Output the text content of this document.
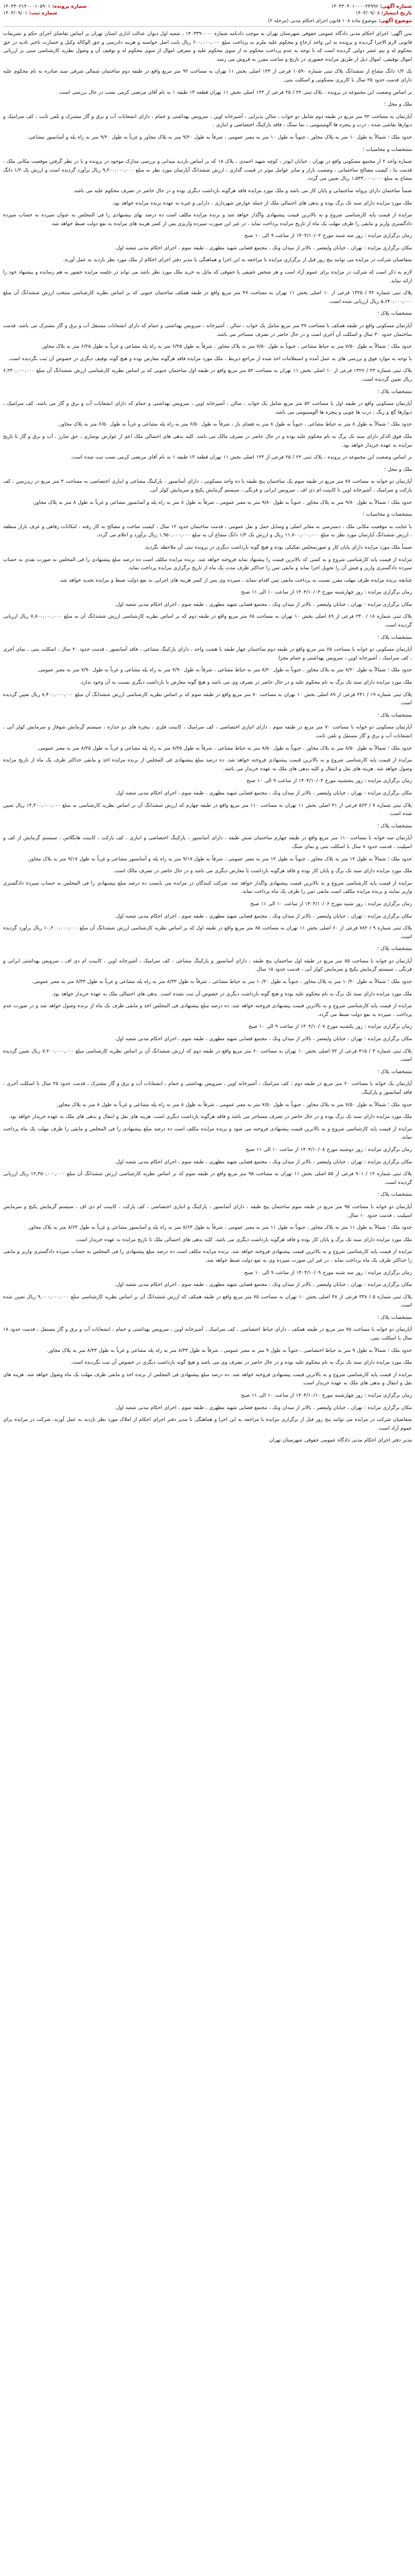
شماره آگهی: ۱۴۰۴۳۰۴۰۱۰۰۰۰۲۴۹۹۶
شماره پرونده: ۱۴۰۴۴۰۲۱۴۰۰۰۱۰۵۹۰۱
تاریخ انتشار: ۱۴۰۴/۰۹/۰۸
شماره ثبت: ۱۴۰۴/۰۹/۰۱
موضوع آگهی: موضوع ماده ۱۰۸ قانون اجرای احکام مدنی (مرحله ۲)

متن آگهی: اجرای احکام مدنی دادگاه عمومی حقوقی شهرستان تهران به موجب دادنامه شماره ۱۴۰۳۳۹۰۰۰۰ ، شعبه اول دیوان عدالت اداری استان تهران بر اساس تقاضای اجرای حکم و تشریفات قانونی لازم الاجرا گردیده و پرونده به این واحد ارجاع و محکوم علیه ملزم به پرداخت مبلغ ۶۰۰,۰۰۰,۰۰۰ ریال بابت اصل خواسته و هزینه دادرسی و حق الوکاله وکیل و خسارت تاخیر تادیه در حق محکوم له و نیم عشر دولتی گردیده است که با توجه به عدم پرداخت محکوم به از سوی محکوم علیه و معرفی اموال از سوی محکوم له و توقیف آن و وصول نظریه کارشناسی مبنی بر ارزیابی اموال توقیفی، اموال ذیل از طریق مزایده حضوری در تاریخ و ساعت مقرر به فروش می رسد.

یک ۱/۲ دانگ مشاع از ششدانگ پلاک ثبتی شماره ۱۰۵۹۰ فرعی از ۱۴۳ اصلی بخش ۱۱ تهران به مساحت ۹۲ متر مربع واقع در طبقه دوم ساختمان شمالی شرقی سند صادره به نام محکوم علیه دارای قدمت حدود ۲۵ سال با کاربری مسکونی و اسکلت بتنی.

بر اساس وضعیت این مجموعه در پرونده ، پلاک ثبتی ۲۲ / ۲۵ فرعی از ۱۲۳ اصلی بخش ۱۱ تهران قطعه ۱۳ طبقه ۱ به نام آقای مرتضی کرمی نسب در حال بررسی است.

ملک و محل ؛

آپارتمان به مساحت ۹۲ متر مربع در طبقه دوم شامل دو خواب ، سالن پذیرایی ، آشپزخانه اوپن ، سرویس بهداشتی و حمام ، دارای انشعابات آب و برق و گاز مشترک و تلفن ثابت ، کف سرامیک و دیوارها نقاشی شده ، درب و پنجره ها آلومینیومی ، نما سنگ ، فاقد پارکینگ اختصاصی و انباری .

حدود ملک ؛ شمالاً به طول ۱۰ متر به پلاک مجاور ، جنوباً به طول ۱۰ متر به معبر عمومی ، شرقاً به طول ۹/۲۰ متر به پلاک مجاور و غرباً به طول ۹/۲۰ متر به راه پله و آسانسور مشاعی.

مشخصات و محاسبات ؛

شماره واحد ۲ از مجتمع مسکونی واقع در تهران ، خیابان ابوذر ، کوچه شهید احمدی ، پلاک ۱۸ که بر اساس بازدید میدانی و بررسی مدارک موجود در پرونده و با در نظر گرفتن موقعیت مکانی ملک ، قدمت بنا ، کیفیت مصالح ساختمانی ، وضعیت بازار و سایر عوامل موثر در قیمت گذاری ، ارزش ششدانگ آپارتمان مورد نظر به مبلغ ۹,۲۰۰,۰۰۰,۰۰۰ ریال برآورد گردیده است و ارزش یک ۱/۲ دانگ مشاع به مبلغ ۱,۵۳۳,۰۰۰,۰۰۰ ریال تعیین می گردد.

ضمناً ساختمان دارای پروانه ساختمانی و پایان کار می باشد و ملک مورد مزایده فاقد هرگونه بازداشت دیگری بوده و در حال حاضر در تصرف محکوم علیه می باشد.

ملک مورد مزایده دارای سند تک برگ بوده و بدهی های احتمالی ملک از جمله عوارض شهرداری ، دارایی و غیره به عهده برنده مزایده خواهد بود.

مزایده از قیمت پایه کارشناسی شروع و به بالاترین قیمت پیشنهادی واگذار خواهد شد و برنده مزایده مکلف است ده درصد بهای پیشنهادی را فی المجلس به عنوان سپرده به حساب سپرده دادگستری واریز و مابقی را ظرف مهلت یک ماه از تاریخ مزایده پرداخت نماید ، در غیر این صورت سپرده واریزی پس از کسر هزینه های مزایده به نفع دولت ضبط خواهد شد.

زمان برگزاری مزایده : روز سه شنبه مورخ ۱۴۰۴/۱۰/۰۲ از ساعت ۹ الی ۱۰ صبح

مکان برگزاری مزایده : تهران ، خیابان ولیعصر ، بالاتر از میدان ونک ، مجتمع قضایی شهید مطهری ، طبقه سوم ، اجرای احکام مدنی شعبه اول.

متقاضیان شرکت در مزایده می توانند پنج روز قبل از برگزاری مزایده با مراجعه به این اجرا و هماهنگی با مدیر دفتر اجرای احکام از ملک مورد نظر بازدید به عمل آورند.

لازم به ذکر است که شرکت در مزایده برای عموم آزاد است و هر شخص حقیقی یا حقوقی که مایل به خرید ملک مورد نظر باشد می تواند در جلسه مزایده حضور به هم رسانده و پیشنهاد خود را ارائه نماید.

پلاک ثبتی شماره ۴۲ / ۱۳۲۵ فرعی از ۱۰ اصلی بخش ۱۱ تهران به مساحت ۴۷ متر مربع واقع در طبقه همکف ساختمان جنوبی که بر اساس نظریه کارشناسی منتخب ارزش ششدانگ آن مبلغ ۵,۶۴۰,۰۰۰,۰۰۰ ریال ارزیابی شده است.

مشخصات پلاک ؛

آپارتمان مسکونی واقع در طبقه همکف با مساحت ۴۷ متر مربع شامل یک خواب ، سالن ، آشپزخانه ، سرویس بهداشتی و حمام که دارای انشعابات مستقل آب و برق و گاز مشترک می باشد. قدمت ساختمان حدود ۳۰ سال و اسکلت آن آجری است و در حال حاضر در تصرف مستاجر می باشد.

حدود ملک ؛ شمالاً به طول ۷/۵۰ متر به حیاط مشاعی ، جنوباً به طول ۷/۵۰ متر به پلاک مجاور ، شرقاً به طول ۶/۲۵ متر به راه پله مشاعی و غرباً به طول ۶/۲۵ متر به پلاک مجاور.

با توجه به موارد فوق و بررسی های به عمل آمده و استعلامات اخذ شده از مراجع ذیربط ، ملک مورد مزایده فاقد هرگونه معارض بوده و هیچ گونه توقیف دیگری در خصوص آن ثبت نگردیده است.

پلاک ثبتی شماره ۴۳ / ۱۳۲۶ فرعی از ۱۰ اصلی بخش ۱۱ تهران به مساحت ۵۲ متر مربع واقع در طبقه اول ساختمان جنوبی که بر اساس نظریه کارشناسی ارزش ششدانگ آن مبلغ ۶,۲۴۰,۰۰۰,۰۰۰ ریال تعیین گردیده است.

مشخصات پلاک ؛

آپارتمان مسکونی واقع در طبقه اول با مساحت ۵۲ متر مربع شامل یک خواب ، سالن ، آشپزخانه اوپن ، سرویس بهداشتی و حمام که دارای انشعابات آب و برق و گاز می باشد. کف سرامیک ، دیوارها گچ و رنگ ، درب ها چوبی و پنجره ها آلومینیومی می باشد.

حدود ملک ؛ شمالاً به طول ۸ متر به حیاط مشاعی ، جنوباً به طول ۸ متر به فضای باز ، شرقاً به طول ۶/۵۰ متر به راه پله مشاعی و غرباً به طول ۶/۵۰ متر به پلاک مجاور.

ملک فوق الذکر دارای سند تک برگ به نام محکوم علیه بوده و در حال حاضر در تصرف مالک می باشد. کلیه بدهی های احتمالی ملک اعم از عوارض نوسازی ، حق شارژ ، آب و برق و گاز تا تاریخ مزایده به عهده خریدار خواهد بود.

بر اساس وضعیت این مجموعه در پرونده ، پلاک ثبتی ۲۲ / ۲۵ فرعی از ۱۲۳ اصلی بخش ۱۱ تهران قطعه ۱۳ طبقه ۱ به نام آقای مرتضی کرمی نسب ثبت شده است.

ملک و محل ؛

آپارتمان دو خوابه به مساحت ۷۸ متر مربع در طبقه سوم یک ساختمان پنج طبقه با ده واحد مسکونی ، دارای آسانسور ، پارکینگ مشاعی و انباری اختصاصی به مساحت ۴ متر مربع در زیرزمین ، کف پارکت و سرامیک ، آشپزخانه اوپن با کابینت ام دی اف ، سرویس ایرانی و فرنگی ، سیستم گرمایش پکیج و سرمایش کولر آبی.

حدود ملک ؛ شمالاً به طول ۹/۸۰ متر به پلاک مجاور ، جنوباً به طول ۹/۸۰ متر به معبر عمومی ، شرقاً به طول ۸ متر به راه پله و آسانسور مشاعی و غرباً به طول ۸ متر به پلاک مجاور.

مشخصات و محاسبات ؛

با عنایت به موقعیت مکانی ملک ، دسترسی به معابر اصلی و وسایل حمل و نقل عمومی ، قدمت ساختمان حدود ۱۲ سال ، کیفیت ساخت و مصالح به کار رفته ، امکانات رفاهی و عرف بازار منطقه ، ارزش ششدانگ آپارتمان مورد نظر به مبلغ ۱۱,۷۰۰,۰۰۰,۰۰۰ ریال و ارزش یک ۱/۲ دانگ مشاع آن به مبلغ ۱,۹۵۰,۰۰۰,۰۰۰ ریال برآورد و اعلام می گردد.

ضمناً ملک مورد مزایده دارای پایان کار و صورتمجلس تفکیکی بوده و هیچ گونه بازداشت دیگری در پرونده ثبتی آن ملاحظه نگردید.

مزایده از قیمت پایه کارشناسی شروع و به کسی که بالاترین قیمت را پیشنهاد نماید فروخته خواهد شد. برنده مزایده مکلف است ده درصد مبلغ پیشنهادی را فی المجلس به صورت نقدی به حساب سپرده دادگستری واریز و فیش آن را تحویل اجرا نماید و مابقی ثمن را حداکثر ظرف مدت یک ماه از تاریخ برگزاری مزایده پرداخت نماید.

چنانچه برنده مزایده ظرف مهلت مقرر نسبت به پرداخت مابقی ثمن اقدام ننماید ، سپرده وی پس از کسر هزینه های اجرایی به نفع دولت ضبط و مزایده تجدید خواهد شد.

زمان برگزاری مزایده : روز چهارشنبه مورخ ۱۴۰۴/۱۰/۰۳ از ساعت ۱۰ الی ۱۱ صبح

مکان برگزاری مزایده : تهران ، خیابان ولیعصر ، بالاتر از میدان ونک ، مجتمع قضایی شهید مطهری ، طبقه سوم ، اجرای احکام مدنی شعبه اول.

پلاک ثبتی شماره ۱۸ / ۲۴۰ فرعی از ۸۹ اصلی بخش ۱۰ تهران به مساحت ۶۵ متر مربع واقع در طبقه دوم که بر اساس نظریه کارشناسی ارزش ششدانگ آن به مبلغ ۷,۸۰۰,۰۰۰,۰۰۰ ریال ارزیابی گردیده است.

مشخصات پلاک ؛

آپارتمان مسکونی دو خوابه با مساحت ۶۵ متر مربع واقع در طبقه دوم ساختمان چهار طبقه با هشت واحد ، دارای پارکینگ مشاعی ، فاقد آسانسور ، قدمت حدود ۲۰ سال ، اسکلت بتنی ، نمای آجری ، کف سرامیک ، آشپزخانه اوپن ، سرویس بهداشتی و حمام مجزا.

حدود ملک ؛ شمالاً به طول ۸/۲۰ متر به پلاک مجاور ، جنوباً به طول ۸/۲۰ متر به حیاط مشاعی ، شرقاً به طول ۷/۹۰ متر به راه پله مشاعی و غرباً به طول ۷/۹۰ متر به معبر عمومی.

ملک مورد مزایده دارای سند تک برگ به نام محکوم علیه و در حال حاضر در تصرف وی می باشد و هیچ گونه معارض یا بازداشت دیگری نسبت به آن وجود ندارد.

پلاک ثبتی شماره ۱۹ / ۲۴۱ فرعی از ۸۹ اصلی بخش ۱۰ تهران به مساحت ۷۰ متر مربع واقع در طبقه سوم که بر اساس نظریه کارشناسی ارزش ششدانگ آن مبلغ ۸,۴۰۰,۰۰۰,۰۰۰ ریال تعیین گردیده است.

مشخصات پلاک ؛

آپارتمان مسکونی دو خوابه با مساحت ۷۰ متر مربع در طبقه سوم ، دارای انباری اختصاصی ، کف سرامیک ، کابینت فلزی ، پنجره های دو جداره ، سیستم گرمایش شوفاژ و سرمایش کولر آبی ، انشعابات آب و برق و گاز مستقل و تلفن ثابت.

حدود ملک ؛ شمالاً به طول ۸/۵۰ متر به پلاک مجاور ، جنوباً به طول ۸/۵۰ متر به حیاط مشاعی ، شرقاً به طول ۸/۲۵ متر به راه پله مشاعی و غرباً به طول ۸/۲۵ متر به معبر عمومی.

مزایده از قیمت پایه کارشناسی شروع و به بالاترین قیمت پیشنهادی فروخته خواهد شد. ده درصد مبلغ پیشنهادی فی المجلس از برنده مزایده اخذ و مابقی حداکثر ظرف یک ماه از تاریخ مزایده وصول خواهد شد. هزینه های نقل و انتقال و کلیه بدهی های ملک به عهده خریدار می باشد.

زمان برگزاری مزایده : روز پنجشنبه مورخ ۱۴۰۴/۱۰/۰۴ از ساعت ۹ الی ۱۰ صبح

مکان برگزاری مزایده : تهران ، خیابان ولیعصر ، بالاتر از میدان ونک ، مجتمع قضایی شهید مطهری ، طبقه سوم ، اجرای احکام مدنی شعبه اول.

پلاک ثبتی شماره ۷ / ۵۶۳ فرعی از ۴۱ اصلی بخش ۱۱ تهران به مساحت ۱۱۰ متر مربع واقع در طبقه چهارم که ارزش ششدانگ آن بر اساس نظریه کارشناسی به مبلغ ۱۴,۳۰۰,۰۰۰,۰۰۰ ریال تعیین شده است.

مشخصات پلاک ؛

آپارتمان سه خوابه با مساحت ۱۱۰ متر مربع واقع در طبقه چهارم ساختمان شش طبقه ، دارای آسانسور ، پارکینگ اختصاصی و انباری ، کف پارکت ، کابینت هایگلاس ، سیستم گرمایش از کف و اسپلیت ، قدمت حدود ۸ سال با اسکلت بتنی و نمای سنگ.

حدود ملک ؛ شمالاً به طول ۱۲ متر به پلاک مجاور ، جنوباً به طول ۱۲ متر به معبر عمومی ، شرقاً به طول ۹/۱۷ متر به راه پله و آسانسور مشاعی و غرباً به طول ۹/۱۷ متر به پلاک مجاور.

ملک مورد مزایده دارای سند تک برگ و پایان کار بوده و فاقد هرگونه بازداشت یا معارض دیگری می باشد و در حال حاضر در تصرف مالک است.

مزایده از قیمت پایه کارشناسی شروع و به بالاترین قیمت پیشنهادی واگذار خواهد شد. شرکت کنندگان در مزایده می بایست ده درصد مبلغ پیشنهادی را فی المجلس به حساب سپرده دادگستری واریز نمایند و برنده مزایده مکلف است مابقی ثمن را ظرف یک ماه پرداخت نماید.

زمان برگزاری مزایده : روز شنبه مورخ ۱۴۰۴/۱۰/۰۶ از ساعت ۱۰ الی ۱۱ صبح

مکان برگزاری مزایده : تهران ، خیابان ولیعصر ، بالاتر از میدان ونک ، مجتمع قضایی شهید مطهری ، طبقه سوم ، اجرای احکام مدنی شعبه اول.

پلاک ثبتی شماره ۹ / ۷۸۲ فرعی از ۶۰ اصلی بخش ۱۱ تهران به مساحت ۸۵ متر مربع واقع در طبقه اول که بر اساس نظریه کارشناسی ارزش ششدانگ آن مبلغ ۱۰,۲۰۰,۰۰۰,۰۰۰ ریال برآورد گردیده است.

مشخصات پلاک ؛

آپارتمان دو خوابه با مساحت ۸۵ متر مربع در طبقه اول ساختمان پنج طبقه ، دارای آسانسور و پارکینگ مشاعی ، کف سرامیک ، آشپزخانه اوپن ، کابینت ام دی اف ، سرویس بهداشتی ایرانی و فرنگی ، سیستم گرمایش پکیج و سرمایش کولر آبی ، قدمت حدود ۱۵ سال.

حدود ملک ؛ شمالاً به طول ۱۰/۲۰ متر به پلاک مجاور ، جنوباً به طول ۱۰/۲۰ متر به حیاط مشاعی ، شرقاً به طول ۸/۳۳ متر به راه پله مشاعی و غرباً به طول ۸/۳۳ متر به معبر عمومی.

ملک مورد مزایده دارای سند تک برگ به نام محکوم علیه بوده و هیچ گونه بازداشت دیگری در خصوص آن ثبت نشده است. بدهی های احتمالی ملک به عهده خریدار خواهد بود.

مزایده از قیمت پایه کارشناسی شروع و به بالاترین قیمت پیشنهادی فروخته خواهد شد. ده درصد مبلغ پیشنهادی فی المجلس اخذ و مابقی ظرف یک ماه از برنده وصول خواهد شد و در صورت عدم پرداخت ، سپرده به نفع دولت ضبط می گردد.

زمان برگزاری مزایده : روز یکشنبه مورخ ۱۴۰۴/۱۰/۰۷ از ساعت ۹ الی ۱۰ صبح

مکان برگزاری مزایده : تهران ، خیابان ولیعصر ، بالاتر از میدان ونک ، مجتمع قضایی شهید مطهری ، طبقه سوم ، اجرای احکام مدنی شعبه اول.

پلاک ثبتی شماره ۳ / ۴۱۵ فرعی از ۷۲ اصلی بخش ۱۰ تهران به مساحت ۶۰ متر مربع واقع در طبقه دوم که ارزش ششدانگ آن بر اساس نظریه کارشناسی مبلغ ۷,۲۰۰,۰۰۰,۰۰۰ ریال تعیین گردیده است.

مشخصات پلاک ؛

آپارتمان یک خوابه با مساحت ۶۰ متر مربع در طبقه دوم ، کف سرامیک ، آشپزخانه اوپن ، سرویس بهداشتی و حمام ، انشعابات آب و برق و گاز مشترک ، قدمت حدود ۲۵ سال با اسکلت آجری ، فاقد آسانسور و پارکینگ.

حدود ملک ؛ شمالاً به طول ۷/۵۰ متر به پلاک مجاور ، جنوباً به طول ۷/۵۰ متر به معبر عمومی ، شرقاً به طول ۸ متر به راه پله مشاعی و غرباً به طول ۸ متر به پلاک مجاور.

ملک مورد مزایده دارای سند تک برگ بوده و در حال حاضر در تصرف مستاجر می باشد و فاقد هرگونه بازداشت دیگری است. هزینه های نقل و انتقال و بدهی های ملک به عهده خریدار خواهد بود.

مزایده از قیمت پایه کارشناسی شروع و به بالاترین قیمت پیشنهادی فروخته می شود و برنده مزایده مکلف است ده درصد مبلغ پیشنهادی را فی المجلس و مابقی را ظرف مهلت یک ماه پرداخت نماید.

زمان برگزاری مزایده : روز دوشنبه مورخ ۱۴۰۴/۱۰/۰۸ از ساعت ۱۰ الی ۱۱ صبح

مکان برگزاری مزایده : تهران ، خیابان ولیعصر ، بالاتر از میدان ونک ، مجتمع قضایی شهید مطهری ، طبقه سوم ، اجرای احکام مدنی شعبه اول.

پلاک ثبتی شماره ۱۲ / ۹۰۱ فرعی از ۵۵ اصلی بخش ۱۱ تهران به مساحت ۹۵ متر مربع واقع در طبقه سوم که بر اساس نظریه کارشناسی ارزش ششدانگ آن مبلغ ۱۲,۳۵۰,۰۰۰,۰۰۰ ریال ارزیابی گردیده است.

مشخصات پلاک ؛

آپارتمان دو خوابه با مساحت ۹۵ متر مربع در طبقه سوم ساختمان پنج طبقه ، دارای آسانسور ، پارکینگ و انباری اختصاصی ، کف پارکت ، کابینت ام دی اف ، سیستم گرمایش پکیج و سرمایش اسپلیت ، قدمت حدود ۱۰ سال.

حدود ملک ؛ شمالاً به طول ۱۱ متر به پلاک مجاور ، جنوباً به طول ۱۱ متر به معبر عمومی ، شرقاً به طول ۸/۶۳ متر به راه پله و آسانسور مشاعی و غرباً به طول ۸/۶۳ متر به پلاک مجاور.

ملک مورد مزایده دارای سند تک برگ و پایان کار بوده و فاقد هرگونه بازداشت دیگری می باشد. کلیه بدهی های احتمالی ملک تا تاریخ مزایده به عهده خریدار است.

مزایده از قیمت پایه کارشناسی شروع و به بالاترین قیمت پیشنهادی فروخته خواهد شد. برنده مزایده مکلف است ده درصد مبلغ پیشنهادی را فی المجلس به حساب سپرده دادگستری واریز و مابقی را حداکثر ظرف یک ماه پرداخت نماید ، در غیر این صورت سپرده وی به نفع دولت ضبط خواهد شد.

زمان برگزاری مزایده : روز سه شنبه مورخ ۱۴۰۴/۱۰/۰۹ از ساعت ۹ الی ۱۰ صبح

مکان برگزاری مزایده : تهران ، خیابان ولیعصر ، بالاتر از میدان ونک ، مجتمع قضایی شهید مطهری ، طبقه سوم ، اجرای احکام مدنی شعبه اول.

پلاک ثبتی شماره ۵ / ۳۳۸ فرعی از ۴۸ اصلی بخش ۱۰ تهران به مساحت ۷۵ متر مربع واقع در طبقه همکف که ارزش ششدانگ آن بر اساس نظریه کارشناسی مبلغ ۹,۰۰۰,۰۰۰,۰۰۰ ریال تعیین شده است.

مشخصات پلاک ؛

آپارتمان دو خوابه با مساحت ۷۵ متر مربع در طبقه همکف ، دارای حیاط اختصاصی ، کف سرامیک ، آشپزخانه اوپن ، سرویس بهداشتی و حمام ، انشعابات آب و برق و گاز مستقل ، قدمت حدود ۱۸ سال با اسکلت بتنی.

حدود ملک ؛ شمالاً به طول ۹ متر به حیاط اختصاصی ، جنوباً به طول ۹ متر به معبر عمومی ، شرقاً به طول ۸/۳۳ متر به راه پله مشاعی و غرباً به طول ۸/۳۳ متر به پلاک مجاور.

ملک مورد مزایده دارای سند تک برگ به نام محکوم علیه بوده و در حال حاضر در تصرف وی می باشد و هیچ گونه بازداشت دیگری در خصوص آن ثبت نگردیده است.

مزایده از قیمت پایه کارشناسی شروع و به بالاترین قیمت پیشنهادی فروخته خواهد شد. ده درصد مبلغ پیشنهادی فی المجلس از برنده اخذ و مابقی ظرف مهلت یک ماه وصول خواهد شد. هزینه های نقل و انتقال و بدهی های ملک به عهده خریدار است.

زمان برگزاری مزایده : روز چهارشنبه مورخ ۱۴۰۴/۱۰/۱۰ از ساعت ۱۰ الی ۱۱ صبح

مکان برگزاری مزایده : تهران ، خیابان ولیعصر ، بالاتر از میدان ونک ، مجتمع قضایی شهید مطهری ، طبقه سوم ، اجرای احکام مدنی شعبه اول.

متقاضیان شرکت در مزایده می توانند پنج روز قبل از برگزاری مزایده با مراجعه به این اجرا و هماهنگی با مدیر دفتر اجرای احکام از املاک مورد نظر بازدید به عمل آورند. شرکت در مزایده برای عموم آزاد است.

مدیر دفتر اجرای احکام مدنی دادگاه عمومی حقوقی شهرستان تهران
